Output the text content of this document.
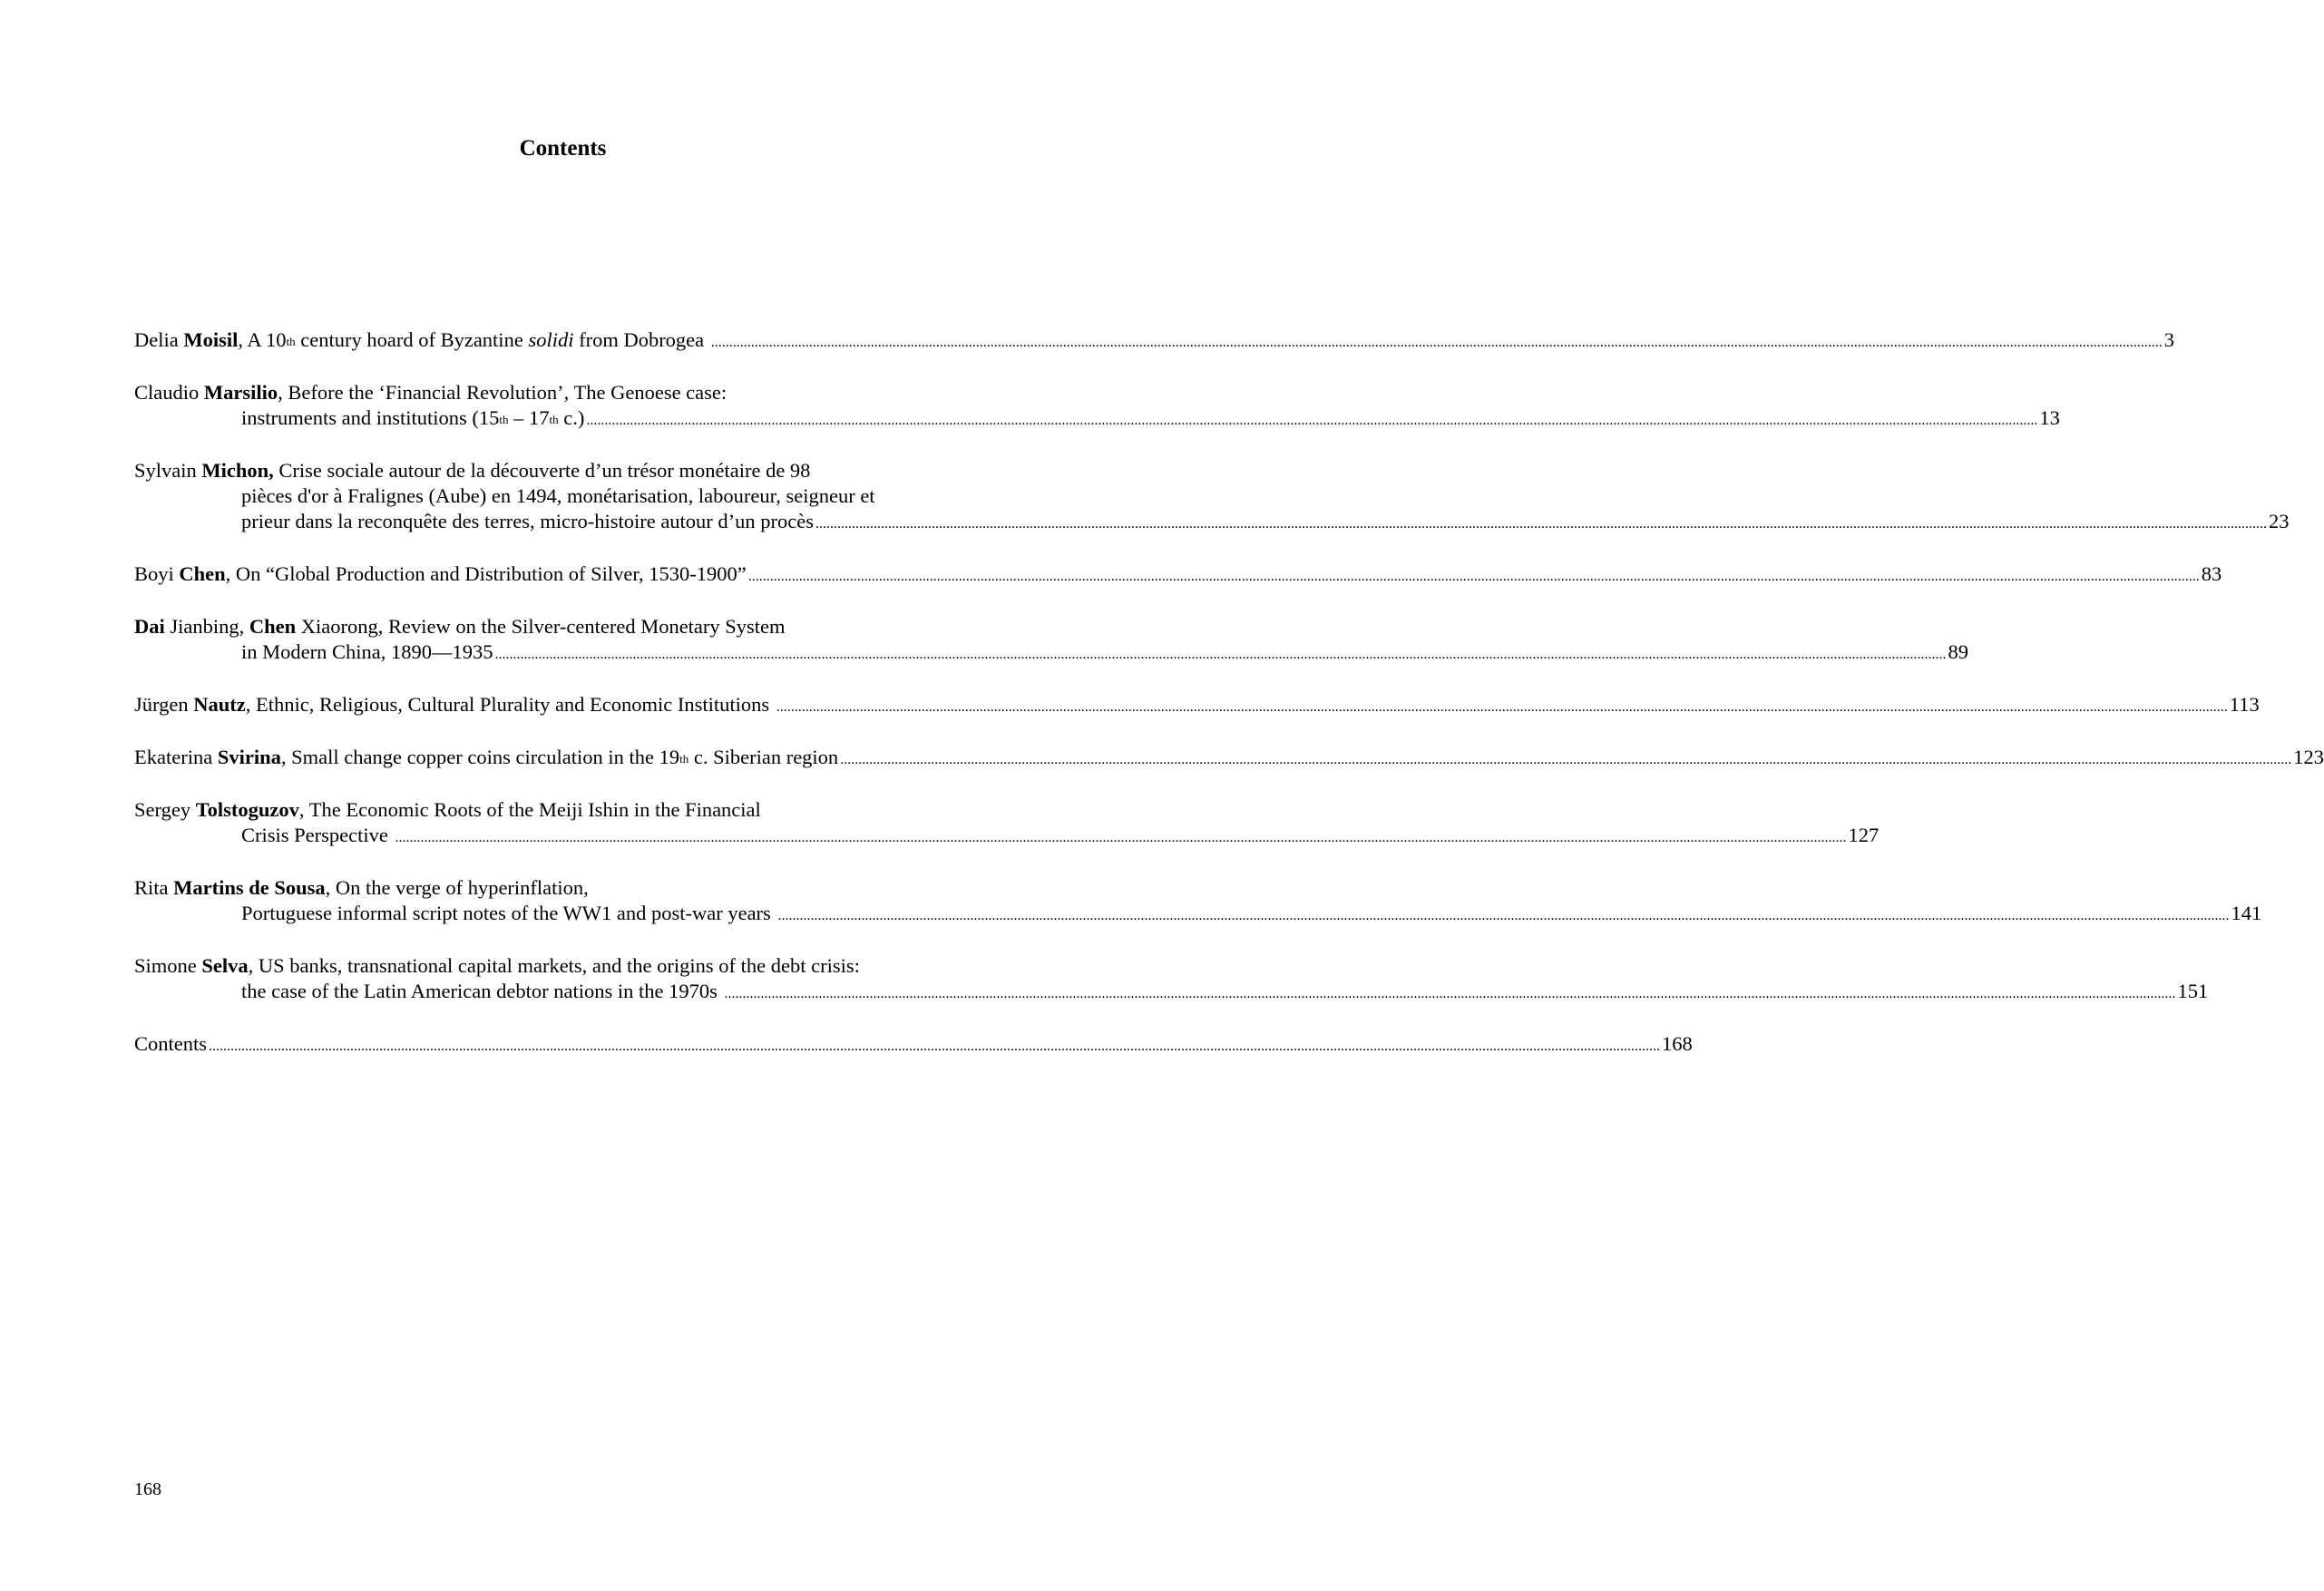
Contents
Delia Moisil , A 10th century hoard of Byzantine solidi from Dobrogea ................................................................................................................................................................................................................................................................................................................................................................................................................ 3
Claudio Marsilio , Before the ‘Financial Revolution’, The Genoese case:
instruments and institutions (15th – 17th c.) ................................................................................................................................................................................................................................................................................................................................................................................................................ 13
Sylvain Michon, Crise sociale autour de la découverte d’un trésor monétaire de 98
pièces d'or à Fralignes (Aube) en 1494, monétarisation, laboureur, seigneur et
prieur dans la reconquête des terres, micro-histoire autour d’un procès ................................................................................................................................................................................................................................................................................................................................................................................................................ 23
Boyi Chen , On “Global Production and Distribution of Silver, 1530-1900” ................................................................................................................................................................................................................................................................................................................................................................................................................ 83
Dai Jianbing, Chen Xiaorong, Review on the Silver-centered Monetary System
in Modern China, 1890—1935 ................................................................................................................................................................................................................................................................................................................................................................................................................ 89
Jürgen Nautz , Ethnic, Religious, Cultural Plurality and Economic Institutions ................................................................................................................................................................................................................................................................................................................................................................................................................ 113
Ekaterina Svirina , Small change copper coins circulation in the 19th c. Siberian region ................................................................................................................................................................................................................................................................................................................................................................................................................ 123
Sergey Tolstoguzov , The Economic Roots of the Meiji Ishin in the Financial
Crisis Perspective ................................................................................................................................................................................................................................................................................................................................................................................................................ 127
Rita Martins de Sousa , On the verge of hyperinflation,
Portuguese informal script notes of the WW1 and post-war years ................................................................................................................................................................................................................................................................................................................................................................................................................ 141
Simone Selva , US banks, transnational capital markets, and the origins of the debt crisis:
the case of the Latin American debtor nations in the 1970s ................................................................................................................................................................................................................................................................................................................................................................................................................ 151
Contents ................................................................................................................................................................................................................................................................................................................................................................................................................ 168
168
